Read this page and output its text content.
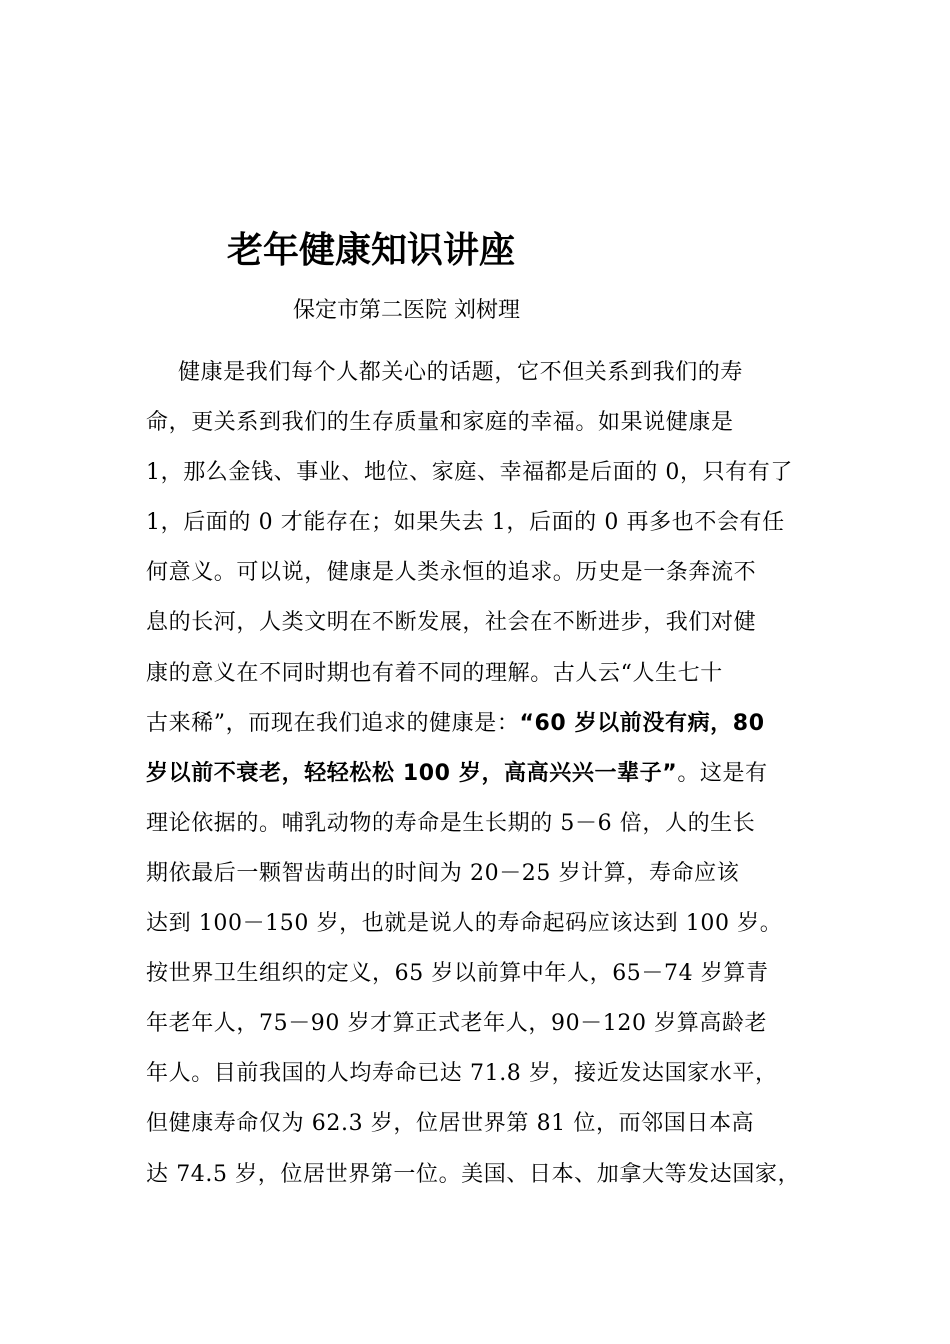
老年健康知识讲座
保定市第二医院 刘树理
健康是我们每个人都关心的话题，它不但关系到我们的寿
命，更关系到我们的生存质量和家庭的幸福。如果说健康是
1，那么金钱、事业、地位、家庭、幸福都是后面的 0，只有有了
1，后面的 0 才能存在；如果失去 1，后面的 0 再多也不会有任
何意义。可以说，健康是人类永恒的追求。历史是一条奔流不
息的长河，人类文明在不断发展，社会在不断进步，我们对健
康的意义在不同时期也有着不同的理解。古人云“人生七十
古来稀”，而现在我们追求的健康是：“60 岁以前没有病，80
岁以前不衰老，轻轻松松 100 岁，高高兴兴一辈子”。这是有
理论依据的。哺乳动物的寿命是生长期的 5－6 倍，人的生长
期依最后一颗智齿萌出的时间为 20－25 岁计算，寿命应该
达到 100－150 岁，也就是说人的寿命起码应该达到 100 岁。
按世界卫生组织的定义，65 岁以前算中年人，65－74 岁算青
年老年人，75－90 岁才算正式老年人，90－120 岁算高龄老
年人。目前我国的人均寿命已达 71.8 岁，接近发达国家水平，
但健康寿命仅为 62.3 岁，位居世界第 81 位，而邻国日本高
达 74.5 岁，位居世界第一位。美国、日本、加拿大等发达国家，
